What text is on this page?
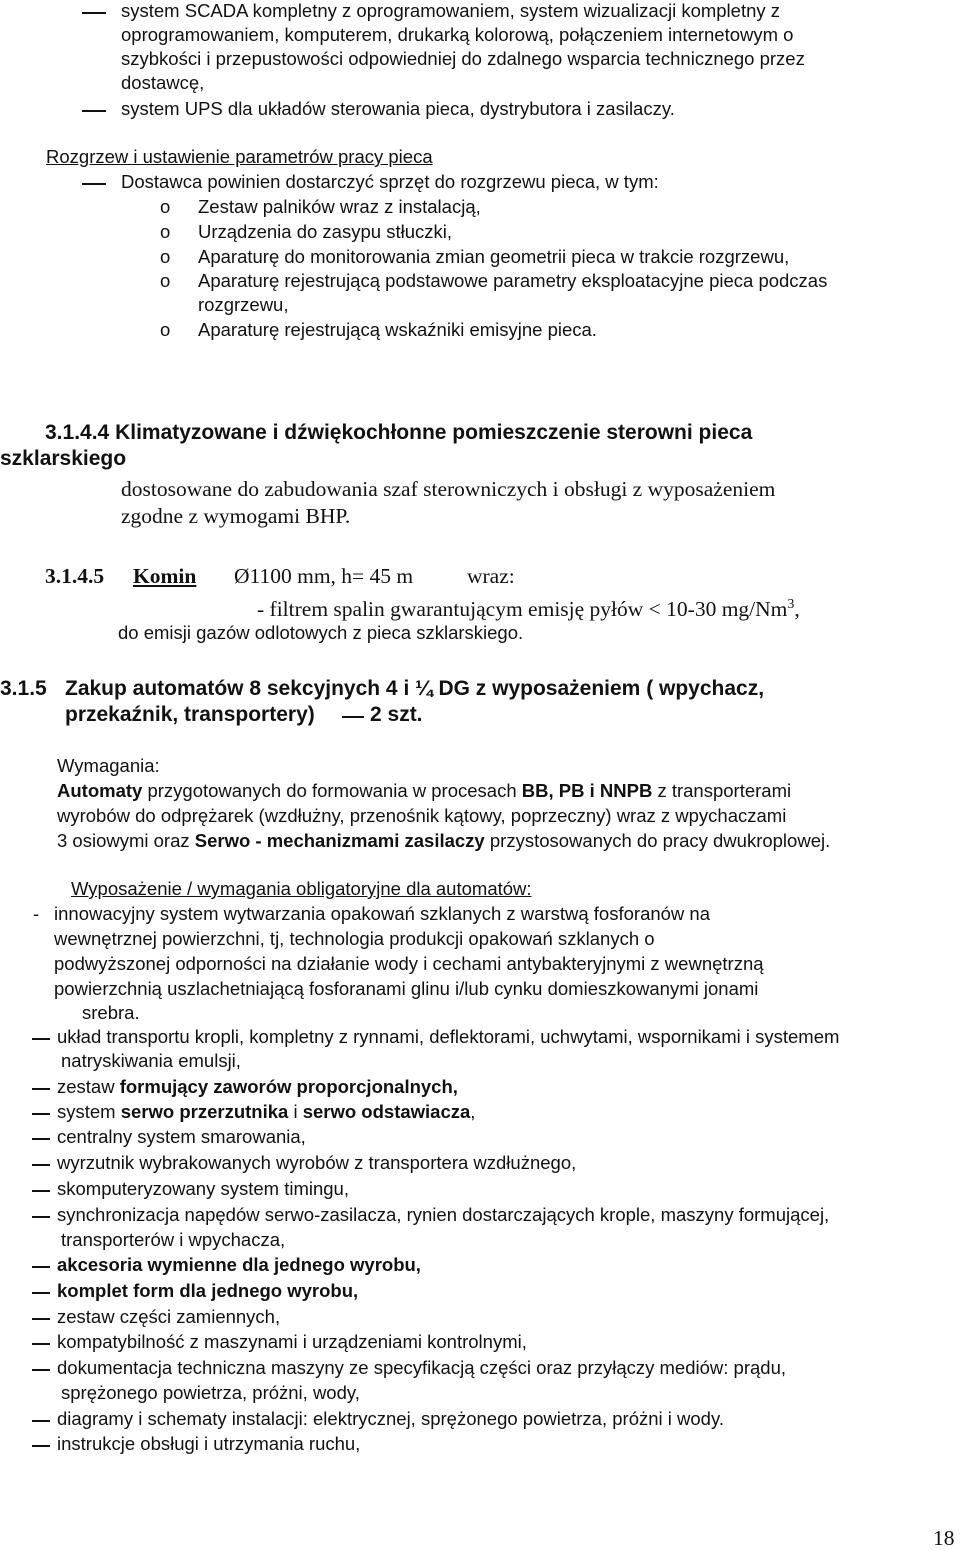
system SCADA kompletny z oprogramowaniem, system wizualizacji kompletny z
oprogramowaniem, komputerem, drukarką kolorową, połączeniem internetowym o
szybkości i przepustowości odpowiedniej do zdalnego wsparcia technicznego przez
dostawcę,
system UPS dla układów sterowania pieca, dystrybutora i zasilaczy.
Rozgrzew i ustawienie parametrów pracy pieca
Dostawca powinien dostarczyć sprzęt do rozgrzewu pieca, w tym:
o Zestaw palników wraz z instalacją,
o Urządzenia do zasypu stłuczki,
o Aparaturę do monitorowania zmian geometrii pieca w trakcie rozgrzewu,
o Aparaturę rejestrującą podstawowe parametry eksploatacyjne pieca podczas
rozgrzewu,
o Aparaturę rejestrującą wskaźniki emisyjne pieca.
3.1.4.4 Klimatyzowane i dźwiękochłonne pomieszczenie sterowni pieca
szklarskiego
dostosowane do zabudowania szaf sterowniczych i obsługi z wyposażeniem
zgodne z wymogami BHP.
3.1.4.5 Komin	Ø1100 mm, h= 45 m	wraz:
- filtrem spalin gwarantującym emisję pyłów < 10-30 mg/Nm$^3$,
do emisji gazów odlotowych z pieca szklarskiego.
3.1.5 Zakup automatów 8 sekcyjnych 4 i ¼ DG z wyposażeniem ( wpychacz,
przekaźnik, transportery)	2 szt.
Wymagania:
Automaty przygotowanych do formowania w procesach BB, PB i NNPB z transporterami
wyrobów do odprężarek (wzdłużny, przenośnik kątowy, poprzeczny) wraz z wpychaczami
3 osiowymi oraz Serwo - mechanizmami zasilaczy przystosowanych do pracy dwukroplowej.
Wyposażenie / wymagania obligatoryjne dla automatów:
- innowacyjny system wytwarzania opakowań szklanych z warstwą fosforanów na
wewnętrznej powierzchni, tj, technologia produkcji opakowań szklanych o
podwyższonej odporności na działanie wody i cechami antybakteryjnymi z wewnętrzną
powierzchnią uszlachetniającą fosforanami glinu i/lub cynku domieszkowanymi jonami
srebra.
układ transportu kropli, kompletny z rynnami, deflektorami, uchwytami, wspornikami i systemem
natryskiwania emulsji,
zestaw formujący zaworów proporcjonalnych,
system serwo przerzutnika i serwo odstawiacza,
centralny system smarowania,
wyrzutnik wybrakowanych wyrobów z transportera wzdłużnego,
skomputeryzowany system timingu,
synchronizacja napędów serwo-zasilacza, rynien dostarczających krople, maszyny formującej,
transporterów i wpychacza,
akcesoria wymienne dla jednego wyrobu,
komplet form dla jednego wyrobu,
zestaw części zamiennych,
kompatybilność z maszynami i urządzeniami kontrolnymi,
dokumentacja techniczna maszyny ze specyfikacją części oraz przyłączy mediów: prądu,
sprężonego powietrza, próżni, wody,
diagramy i schematy instalacji: elektrycznej, sprężonego powietrza, próżni i wody.
instrukcje obsługi i utrzymania ruchu,
18
